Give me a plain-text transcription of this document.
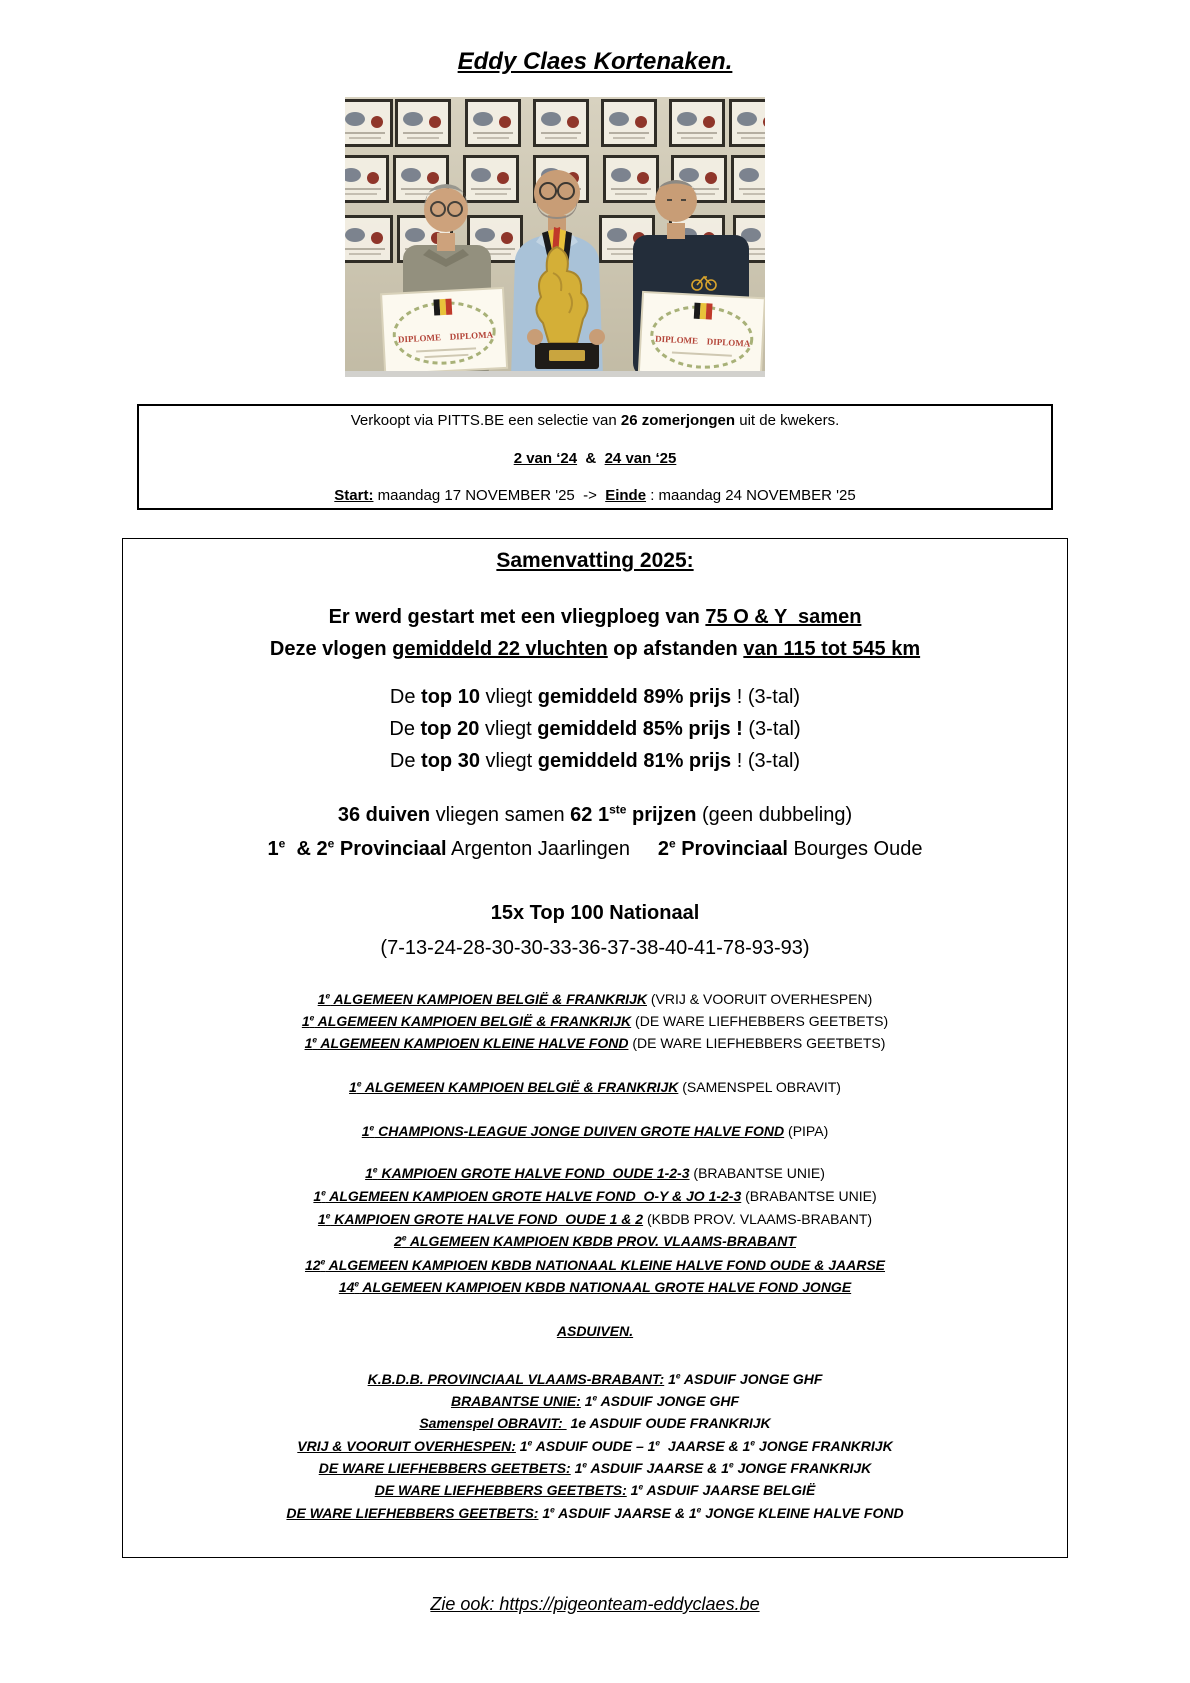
Eddy Claes Kortenaken.
DIPLOME DIPLOMA	DIPLOME DIPLOMA
Verkoopt via PITTS.BE een selectie van 26 zomerjongen uit de kwekers.
2 van ‘24  &  24 van ‘25
Start: maandag 17 NOVEMBER '25  ->  Einde : maandag 24 NOVEMBER '25
Samenvatting 2025:
Er werd gestart met een vliegploeg van 75 O & Y  samen
Deze vlogen gemiddeld 22 vluchten op afstanden van 115 tot 545 km
De top 10 vliegt gemiddeld 89% prijs ! (3-tal)
De top 20 vliegt gemiddeld 85% prijs ! (3-tal)
De top 30 vliegt gemiddeld 81% prijs ! (3-tal)
36 duiven vliegen samen 62 1ste prijzen (geen dubbeling)
1e  & 2e Provinciaal Argenton Jaarlingen     2e Provinciaal Bourges Oude
15x Top 100 Nationaal
(7-13-24-28-30-30-33-36-37-38-40-41-78-93-93)
1e ALGEMEEN KAMPIOEN BELGIË & FRANKRIJK (VRIJ & VOORUIT OVERHESPEN)
1e ALGEMEEN KAMPIOEN BELGIË & FRANKRIJK (DE WARE LIEFHEBBERS GEETBETS)
1e ALGEMEEN KAMPIOEN KLEINE HALVE FOND (DE WARE LIEFHEBBERS GEETBETS)
1e ALGEMEEN KAMPIOEN BELGIË & FRANKRIJK (SAMENSPEL OBRAVIT)
1e CHAMPIONS-LEAGUE JONGE DUIVEN GROTE HALVE FOND (PIPA)
1e KAMPIOEN GROTE HALVE FOND  OUDE 1-2-3 (BRABANTSE UNIE)
1e ALGEMEEN KAMPIOEN GROTE HALVE FOND  O-Y & JO 1-2-3 (BRABANTSE UNIE)
1e KAMPIOEN GROTE HALVE FOND  OUDE 1 & 2 (KBDB PROV. VLAAMS-BRABANT)
2e ALGEMEEN KAMPIOEN KBDB PROV. VLAAMS-BRABANT
12e ALGEMEEN KAMPIOEN KBDB NATIONAAL KLEINE HALVE FOND OUDE & JAARSE
14e ALGEMEEN KAMPIOEN KBDB NATIONAAL GROTE HALVE FOND JONGE
ASDUIVEN.
K.B.D.B. PROVINCIAAL VLAAMS-BRABANT: 1e ASDUIF JONGE GHF
BRABANTSE UNIE: 1e ASDUIF JONGE GHF
Samenspel OBRAVIT:  1e ASDUIF OUDE FRANKRIJK
VRIJ & VOORUIT OVERHESPEN: 1e ASDUIF OUDE – 1e  JAARSE & 1e JONGE FRANKRIJK
DE WARE LIEFHEBBERS GEETBETS: 1e ASDUIF JAARSE & 1e JONGE FRANKRIJK
DE WARE LIEFHEBBERS GEETBETS: 1e ASDUIF JAARSE BELGIË
DE WARE LIEFHEBBERS GEETBETS: 1e ASDUIF JAARSE & 1e JONGE KLEINE HALVE FOND
Zie ook: https://pigeonteam-eddyclaes.be
